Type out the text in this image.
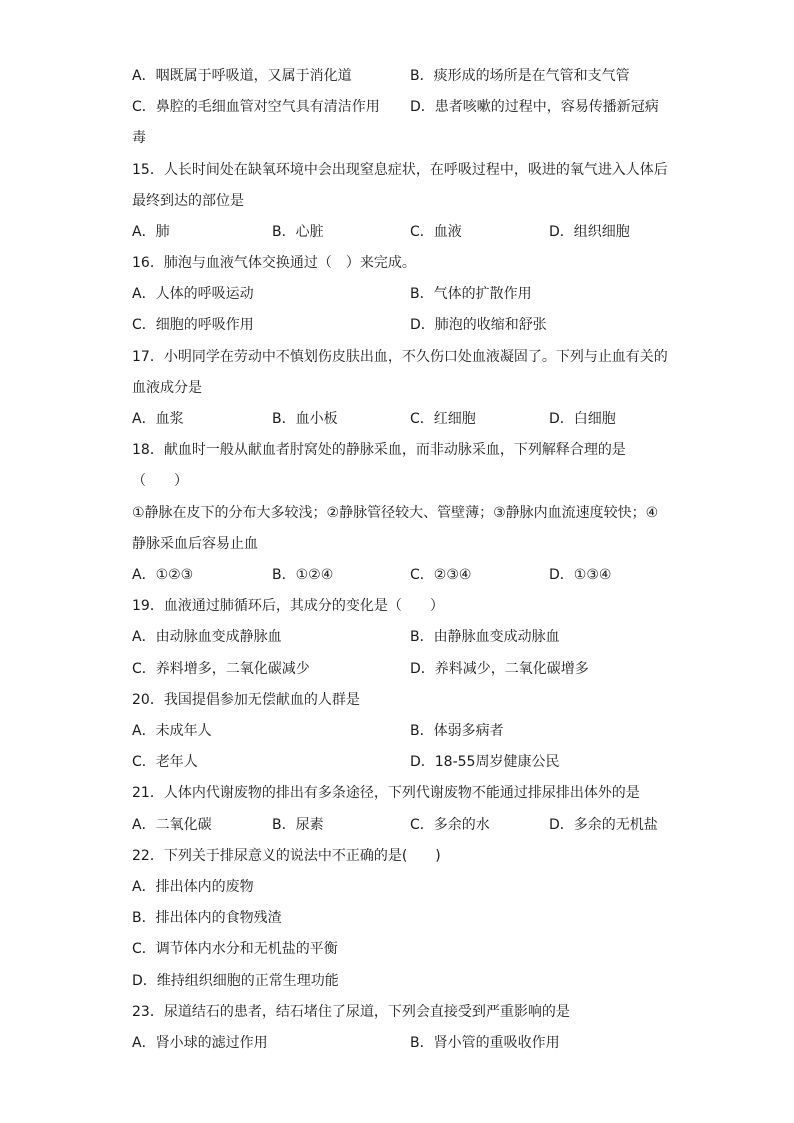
A．咽既属于呼吸道，又属于消化道	B．痰形成的场所是在气管和支气管
C．鼻腔的毛细血管对空气具有清洁作用 D．患者咳嗽的过程中，容易传播新冠病
毒
15．人长时间处在缺氧环境中会出现窒息症状，在呼吸过程中，吸进的氧气进入人体后
最终到达的部位是
A．肺	B．心脏	C．血液	D．组织细胞
16．肺泡与血液气体交换通过（　）来完成。
A．人体的呼吸运动	B．气体的扩散作用
C．细胞的呼吸作用	D．肺泡的收缩和舒张
17．小明同学在劳动中不慎划伤皮肤出血，不久伤口处血液凝固了。下列与止血有关的
血液成分是
A．血浆	B．血小板	C．红细胞	D．白细胞
18．献血时一般从献血者肘窝处的静脉采血，而非动脉采血，下列解释合理的是
（　　）
①静脉在皮下的分布大多较浅；②静脉管径较大、管壁薄；③静脉内血流速度较快；④
静脉采血后容易止血
A．①②③	B．①②④	C．②③④	D．①③④
19．血液通过肺循环后，其成分的变化是（　　）
A．由动脉血变成静脉血	B．由静脉血变成动脉血
C．养料增多，二氧化碳减少	D．养料减少，二氧化碳增多
20．我国提倡参加无偿献血的人群是
A．未成年人	B．体弱多病者
C．老年人	D．18-55周岁健康公民
21．人体内代谢废物的排出有多条途径，下列代谢废物不能通过排尿排出体外的是
A．二氧化碳	B．尿素	C．多余的水	D．多余的无机盐
22．下列关于排尿意义的说法中不正确的是(　　)
A．排出体内的废物
B．排出体内的食物残渣
C．调节体内水分和无机盐的平衡
D．维持组织细胞的正常生理功能
23．尿道结石的患者，结石堵住了尿道，下列会直接受到严重影响的是
A．肾小球的滤过作用	B．肾小管的重吸收作用
